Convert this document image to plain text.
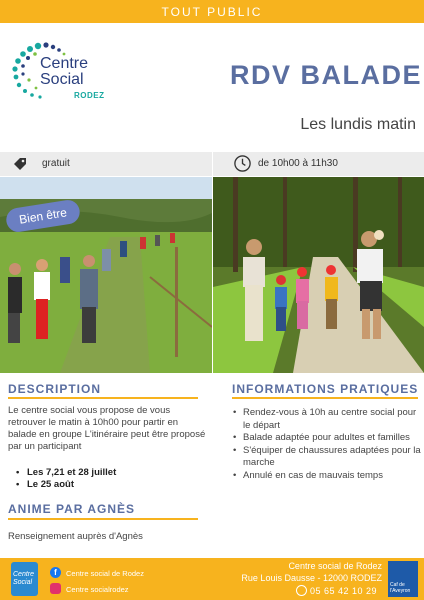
TOUT PUBLIC
Centre
Social
RODEZ
RDV BALADE
Les lundis matin
gratuit	de 10h00 à 11h30
Bien être
DESCRIPTION
Le centre social vous propose de vous retrouver le matin à 10h00 pour partir en balade en groupe L'itinéraire peut être proposé par un participant
• Les 7,21 et 28 juillet
• Le 25 août
ANIME PAR AGNÈS
Renseignement auprès d'Agnès
INFORMATIONS PRATIQUES
• Rendez-vous à 10h au centre social pour le départ
• Balade adaptée pour adultes et familles
• S'équiper de chaussures adaptées pour la marche
• Annulé en cas de mauvais temps
Centre Social
f	Centre social de Rodez
Centre socialrodez
Centre social de Rodez
Rue Louis Dausse - 12000 RODEZ
05 65 42 10 29
Caf de l'Aveyron
